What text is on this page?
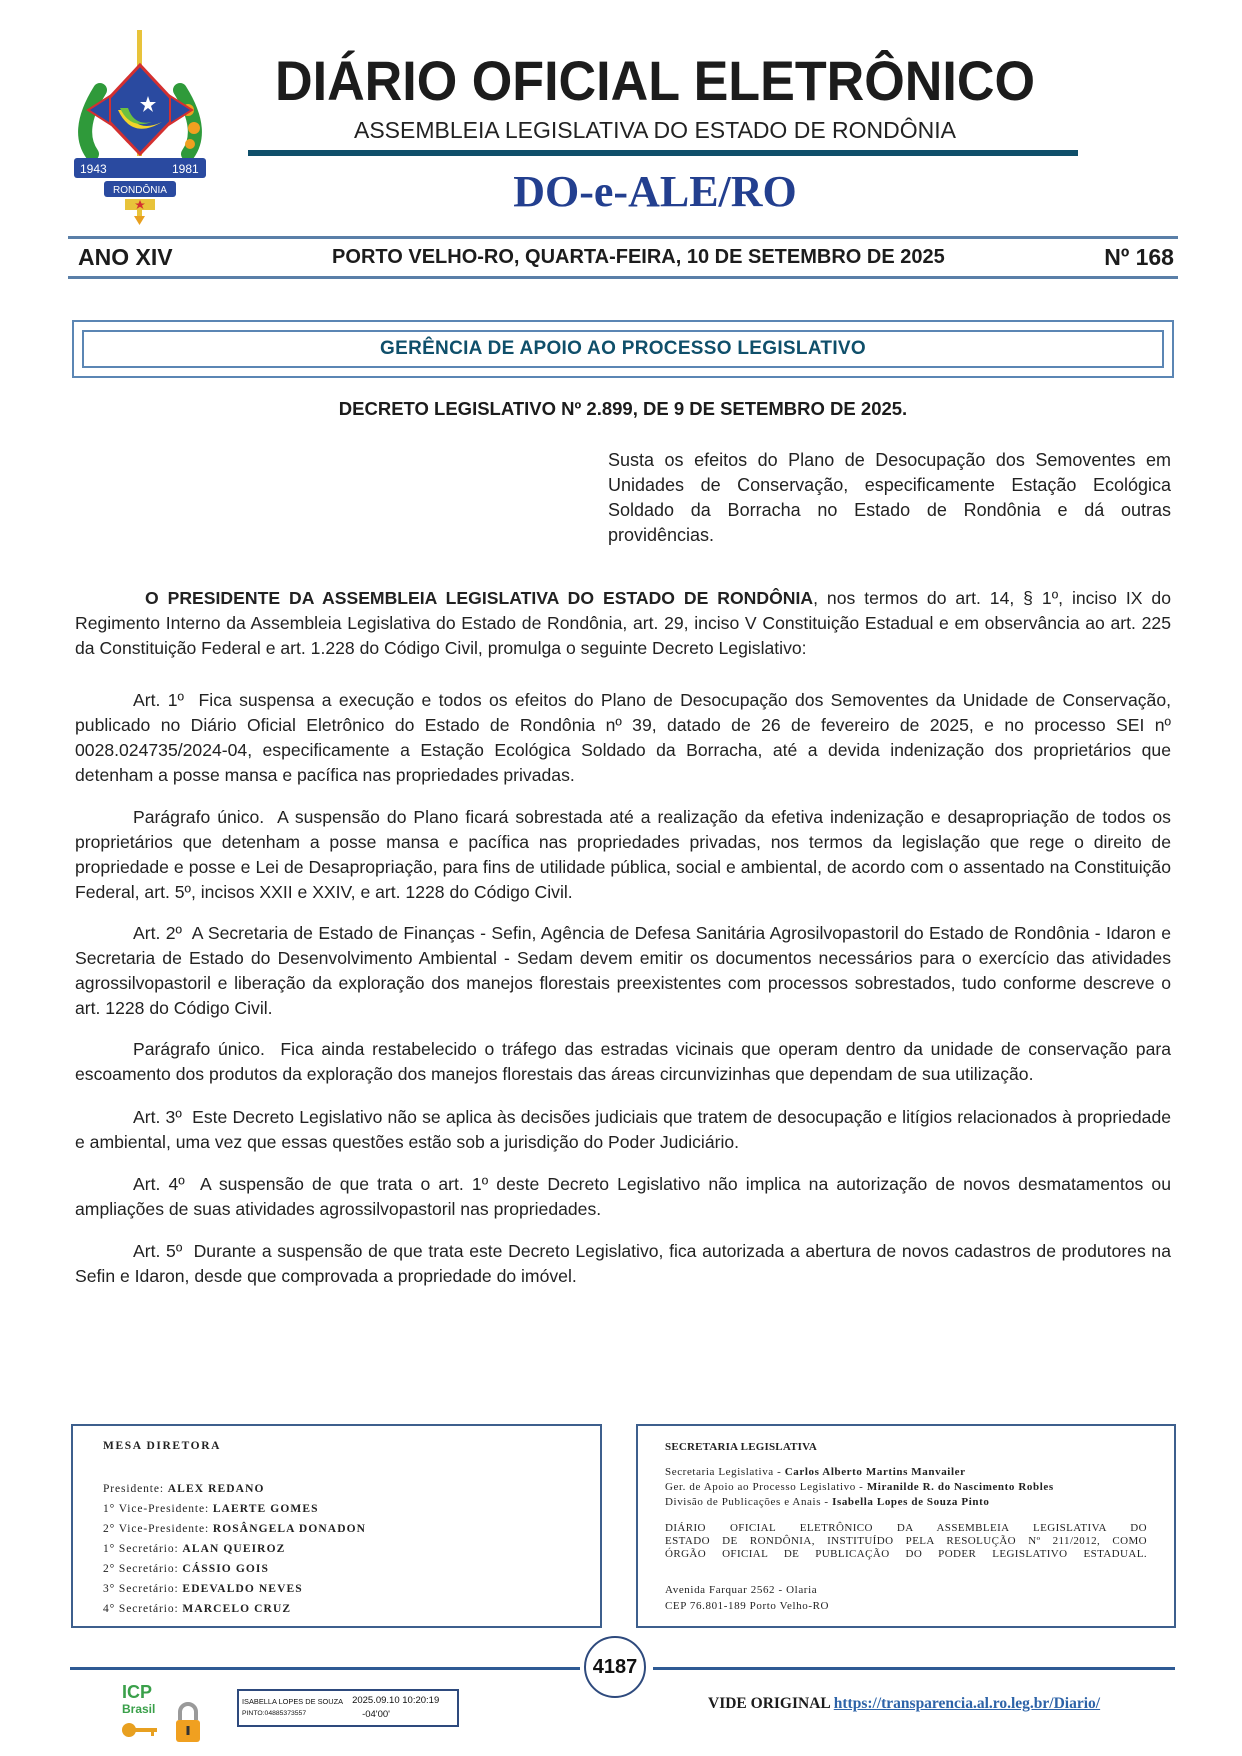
1943	1981
RONDÔNIA
DIÁRIO OFICIAL ELETRÔNICO
ASSEMBLEIA LEGISLATIVA DO ESTADO DE RONDÔNIA
DO-e-ALE/RO
ANO XIV	PORTO VELHO-RO, QUARTA-FEIRA, 10 DE SETEMBRO DE 2025	Nº 168
GERÊNCIA DE APOIO AO PROCESSO LEGISLATIVO
DECRETO LEGISLATIVO Nº 2.899, DE 9 DE SETEMBRO DE 2025.
Susta os efeitos do Plano de Desocupação dos Semoventes em Unidades de Conservação, especificamente Estação Ecológica Soldado da Borracha no Estado de Rondônia e dá outras providências.
O PRESIDENTE DA ASSEMBLEIA LEGISLATIVA DO ESTADO DE RONDÔNIA, nos termos do art. 14, § 1º, inciso IX do Regimento Interno da Assembleia Legislativa do Estado de Rondônia, art. 29, inciso V Constituição Estadual e em observância ao art. 225 da Constituição Federal e art. 1.228 do Código Civil, promulga o seguinte Decreto Legislativo:
Art. 1º Fica suspensa a execução e todos os efeitos do Plano de Desocupação dos Semoventes da Unidade de Conservação, publicado no Diário Oficial Eletrônico do Estado de Rondônia nº 39, datado de 26 de fevereiro de 2025, e no processo SEI nº 0028.024735/2024-04, especificamente a Estação Ecológica Soldado da Borracha, até a devida indenização dos proprietários que detenham a posse mansa e pacífica nas propriedades privadas.
Parágrafo único. A suspensão do Plano ficará sobrestada até a realização da efetiva indenização e desapropriação de todos os proprietários que detenham a posse mansa e pacífica nas propriedades privadas, nos termos da legislação que rege o direito de propriedade e posse e Lei de Desapropriação, para fins de utilidade pública, social e ambiental, de acordo com o assentado na Constituição Federal, art. 5º, incisos XXII e XXIV, e art. 1228 do Código Civil.
Art. 2º A Secretaria de Estado de Finanças - Sefin, Agência de Defesa Sanitária Agrosilvopastoril do Estado de Rondônia - Idaron e Secretaria de Estado do Desenvolvimento Ambiental - Sedam devem emitir os documentos necessários para o exercício das atividades agrossilvopastoril e liberação da exploração dos manejos florestais preexistentes com processos sobrestados, tudo conforme descreve o art. 1228 do Código Civil.
Parágrafo único. Fica ainda restabelecido o tráfego das estradas vicinais que operam dentro da unidade de conservação para escoamento dos produtos da exploração dos manejos florestais das áreas circunvizinhas que dependam de sua utilização.
Art. 3º Este Decreto Legislativo não se aplica às decisões judiciais que tratem de desocupação e litígios relacionados à propriedade e ambiental, uma vez que essas questões estão sob a jurisdição do Poder Judiciário.
Art. 4º A suspensão de que trata o art. 1º deste Decreto Legislativo não implica na autorização de novos desmatamentos ou ampliações de suas atividades agrossilvopastoril nas propriedades.
Art. 5º Durante a suspensão de que trata este Decreto Legislativo, fica autorizada a abertura de novos cadastros de produtores na Sefin e Idaron, desde que comprovada a propriedade do imóvel.
MESA DIRETORA
Presidente: ALEX REDANO
1° Vice-Presidente: LAERTE GOMES
2° Vice-Presidente: ROSÂNGELA DONADON
1° Secretário: ALAN QUEIROZ
2° Secretário: CÁSSIO GOIS
3° Secretário: EDEVALDO NEVES
4° Secretário: MARCELO CRUZ
SECRETARIA LEGISLATIVA
Secretaria Legislativa - Carlos Alberto Martins Manvailer
Ger. de Apoio ao Processo Legislativo - Miranilde R. do Nascimento Robles
Divisão de Publicações e Anais - Isabella Lopes de Souza Pinto
DIÁRIO OFICIAL ELETRÔNICO DA ASSEMBLEIA LEGISLATIVA DO
ESTADO DE RONDÔNIA, INSTITUÍDO PELA RESOLUÇÃO Nº 211/2012, COMO
ÓRGÃO OFICIAL DE PUBLICAÇÃO DO PODER LEGISLATIVO ESTADUAL.
Avenida Farquar 2562 - Olaria
CEP 76.801-189 Porto Velho-RO
4187
ICP
Brasil
ISABELLA LOPES DE SOUZA
PINTO:04885373557
2025.09.10 10:20:19
-04'00'
VIDE ORIGINAL https://transparencia.al.ro.leg.br/Diario/
